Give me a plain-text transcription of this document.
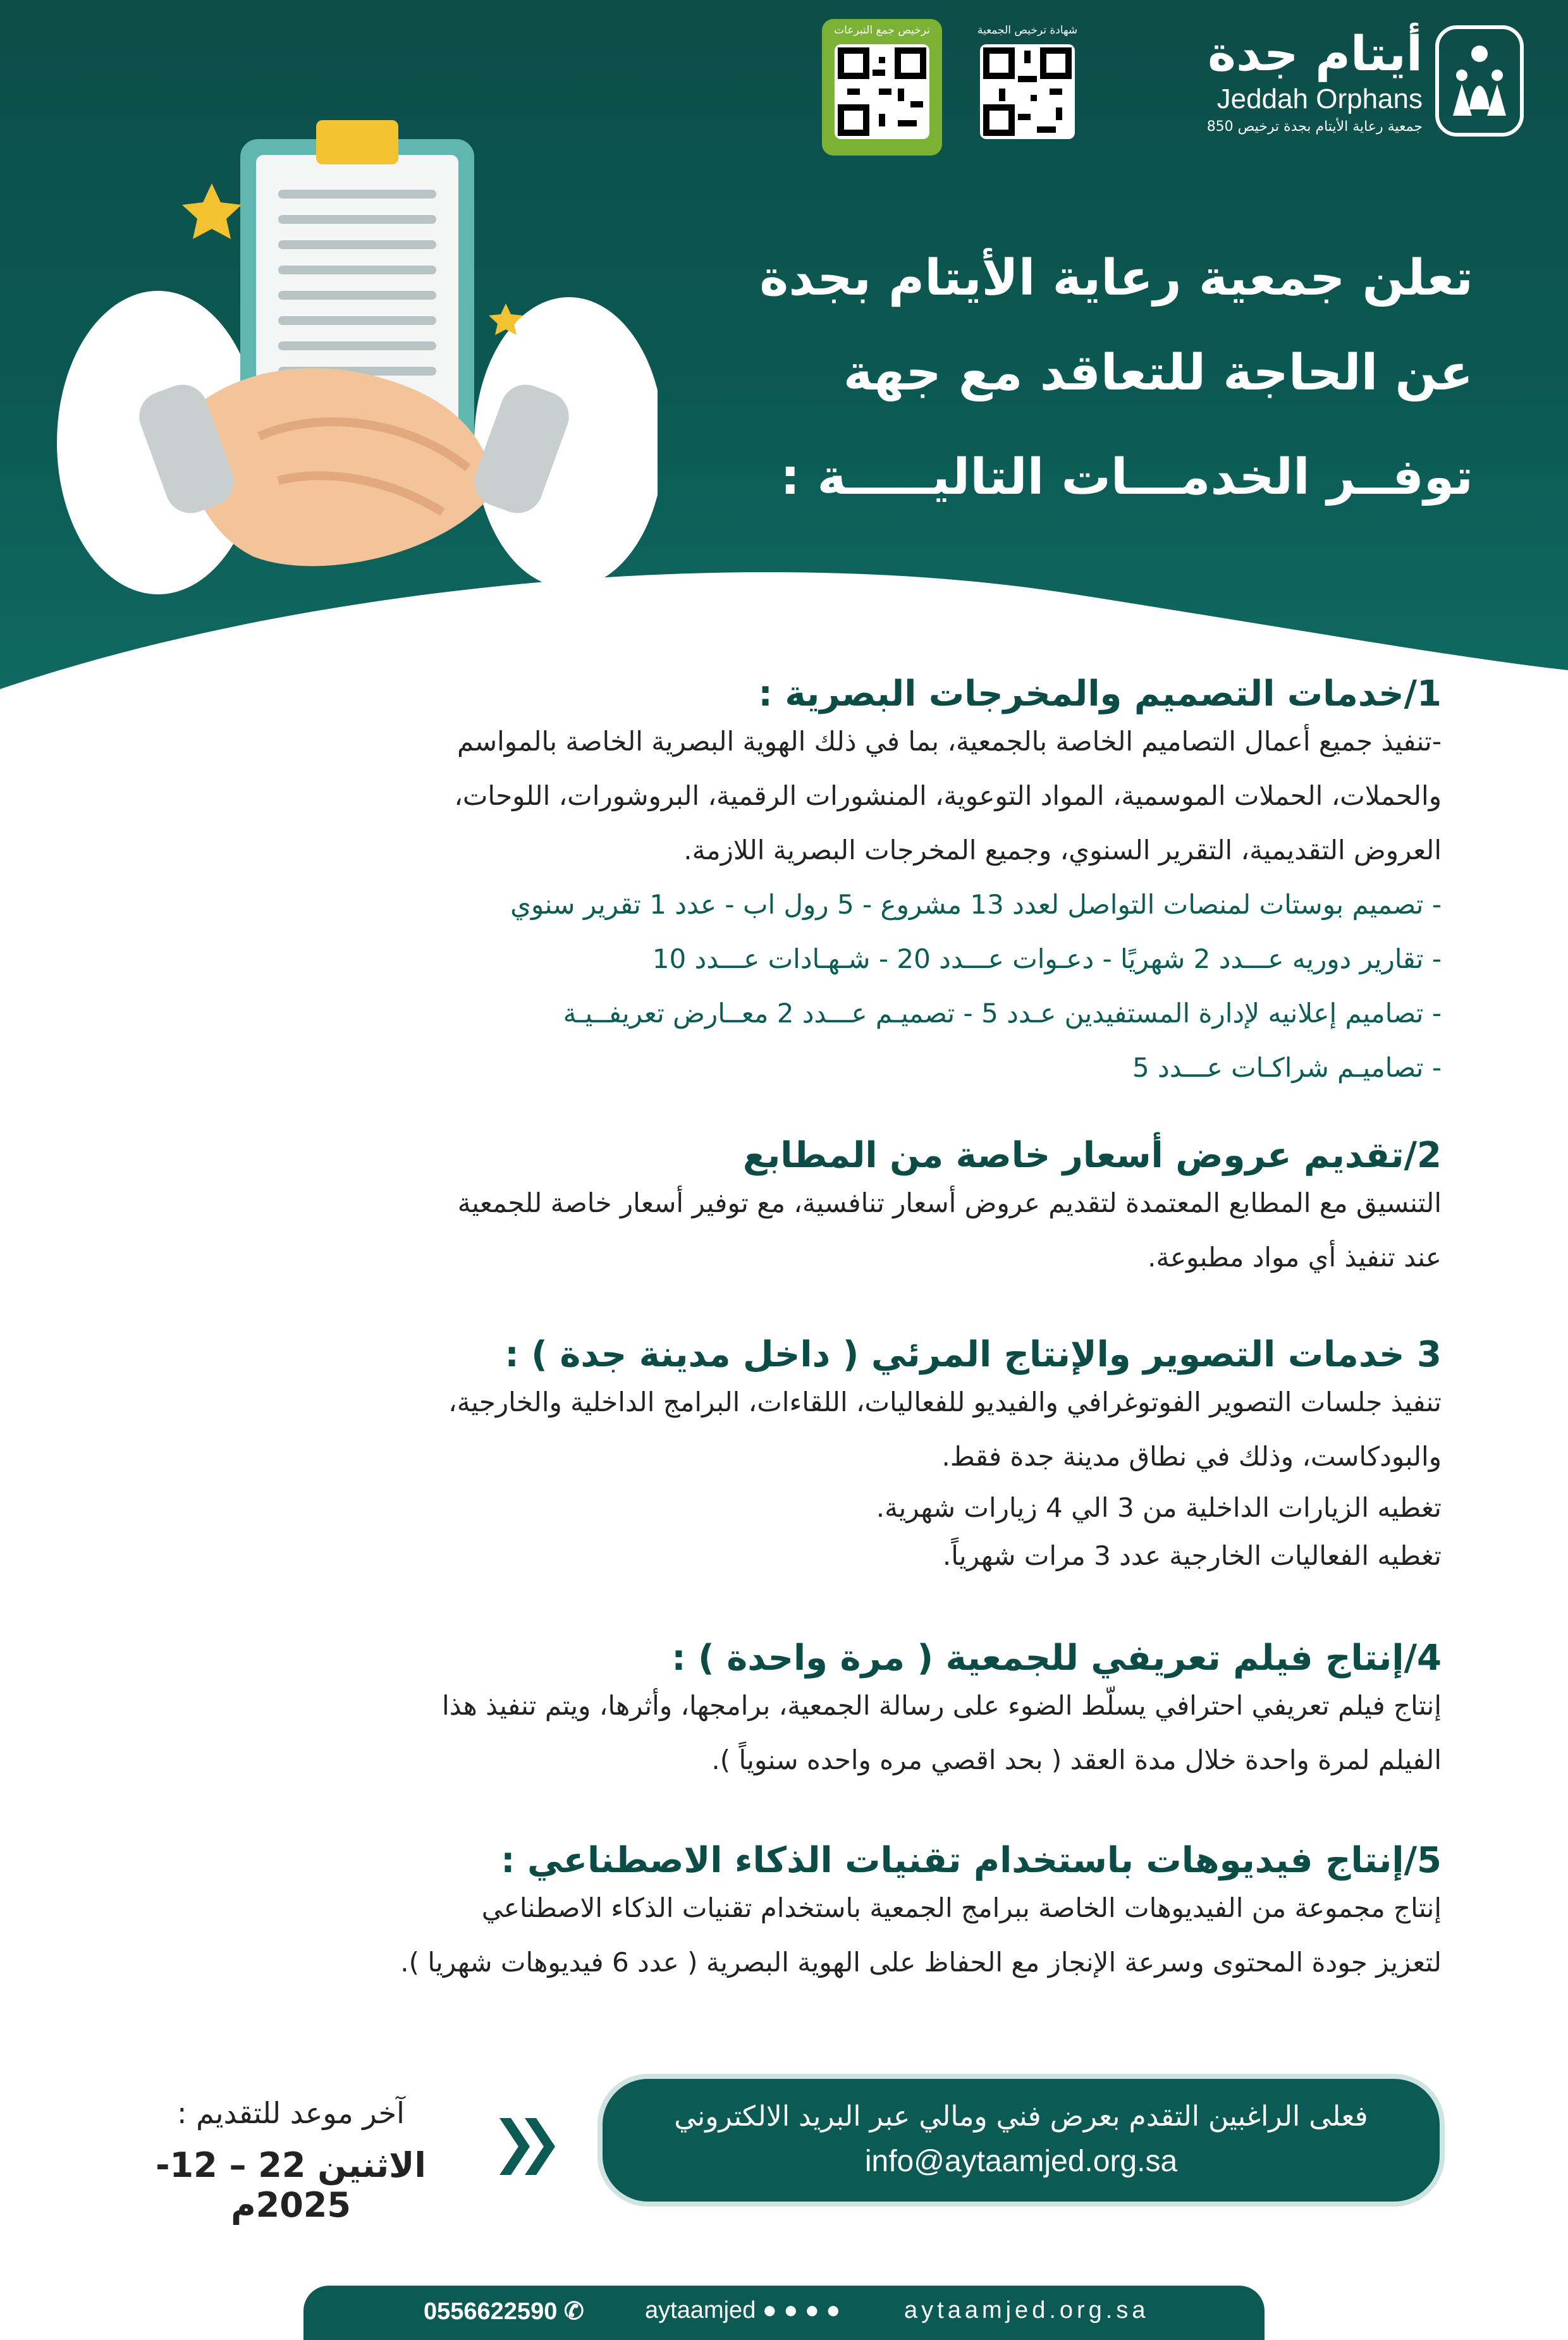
أيتام جدة
Jeddah Orphans
جمعية رعاية الأيتام بجدة ترخيص 850
ترخيص جمع التبرعات	شهادة ترخيص الجمعية
تعلن جمعية رعاية الأيتام بجدة
عن الحاجة للتعاقد مع جهة
توفــر الخدمـــات التاليـــــة :
1/خدمات التصميم والمخرجات البصرية :
-تنفيذ جميع أعمال التصاميم الخاصة بالجمعية، بما في ذلك الهوية البصرية الخاصة بالمواسم
والحملات، الحملات الموسمية، المواد التوعوية، المنشورات الرقمية، البروشورات، اللوحات،
العروض التقديمية، التقرير السنوي، وجميع المخرجات البصرية اللازمة.
- تصميم بوستات لمنصات التواصل لعدد 13 مشروع - 5 رول اب - عدد 1 تقرير سنوي
- تقارير دوريه عـــدد 2 شهريًا - دعـوات عـــدد 20 - شـهـادات عـــدد 10
- تصاميم إعلانيه لإدارة المستفيدين عـدد 5 - تصميـم عـــدد 2 معــارض تعريفــيـة
- تصاميـم شراكـات عـــدد 5
2/تقديم عروض أسعار خاصة من المطابع
التنسيق مع المطابع المعتمدة لتقديم عروض أسعار تنافسية، مع توفير أسعار خاصة للجمعية
عند تنفيذ أي مواد مطبوعة.
3 خدمات التصوير والإنتاج المرئي ( داخل مدينة جدة ) :
تنفيذ جلسات التصوير الفوتوغرافي والفيديو للفعاليات، اللقاءات، البرامج الداخلية والخارجية،
والبودكاست، وذلك في نطاق مدينة جدة فقط.
تغطيه الزيارات الداخلية من 3 الي 4 زيارات شهرية.
تغطيه الفعاليات الخارجية عدد 3 مرات شهرياً.
4/إنتاج فيلم تعريفي للجمعية ( مرة واحدة ) :
إنتاج فيلم تعريفي احترافي يسلّط الضوء على رسالة الجمعية، برامجها، وأثرها، ويتم تنفيذ هذا
الفيلم لمرة واحدة خلال مدة العقد ( بحد اقصي مره واحده سنوياً ).
5/إنتاج فيديوهات باستخدام تقنيات الذكاء الاصطناعي :
إنتاج مجموعة من الفيديوهات الخاصة ببرامج الجمعية باستخدام تقنيات الذكاء الاصطناعي
لتعزيز جودة المحتوى وسرعة الإنجاز مع الحفاظ على الهوية البصرية ( عدد 6 فيديوهات شهريا ).
فعلى الراغبين التقدم بعرض فني ومالي عبر البريد الالكتروني
info@aytaamjed.org.sa
آخر موعد للتقديم :
الاثنين 22 – 12- 2025م
✆ 0556622590	● ● ● ● aytaamjed	aytaamjed.org.sa
